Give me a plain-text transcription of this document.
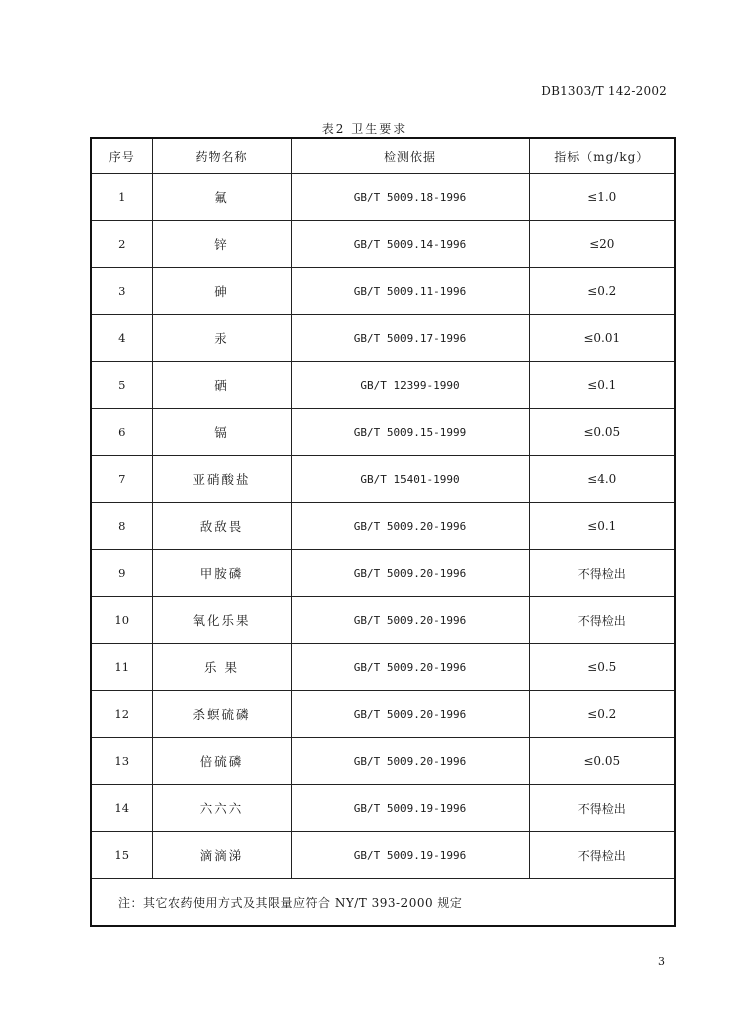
DB1303/T 142-2002
表2 卫生要求
序号	药物名称	检测依据	指标（mg/kg）
1	氟	GB/T 5009.18-1996	≤1.0
2	锌	GB/T 5009.14-1996	≤20
3	砷	GB/T 5009.11-1996	≤0.2
4	汞	GB/T 5009.17-1996	≤0.01
5	硒	GB/T 12399-1990	≤0.1
6	镉	GB/T 5009.15-1999	≤0.05
7	亚硝酸盐	GB/T 15401-1990	≤4.0
8	敌敌畏	GB/T 5009.20-1996	≤0.1
9	甲胺磷	GB/T 5009.20-1996	不得检出
10	氧化乐果	GB/T 5009.20-1996	不得检出
11	乐 果	GB/T 5009.20-1996	≤0.5
12	杀螟硫磷	GB/T 5009.20-1996	≤0.2
13	倍硫磷	GB/T 5009.20-1996	≤0.05
14	六六六	GB/T 5009.19-1996	不得检出
15	滴滴涕	GB/T 5009.19-1996	不得检出
注：其它农药使用方式及其限量应符合 NY/T 393-2000 规定			
3
